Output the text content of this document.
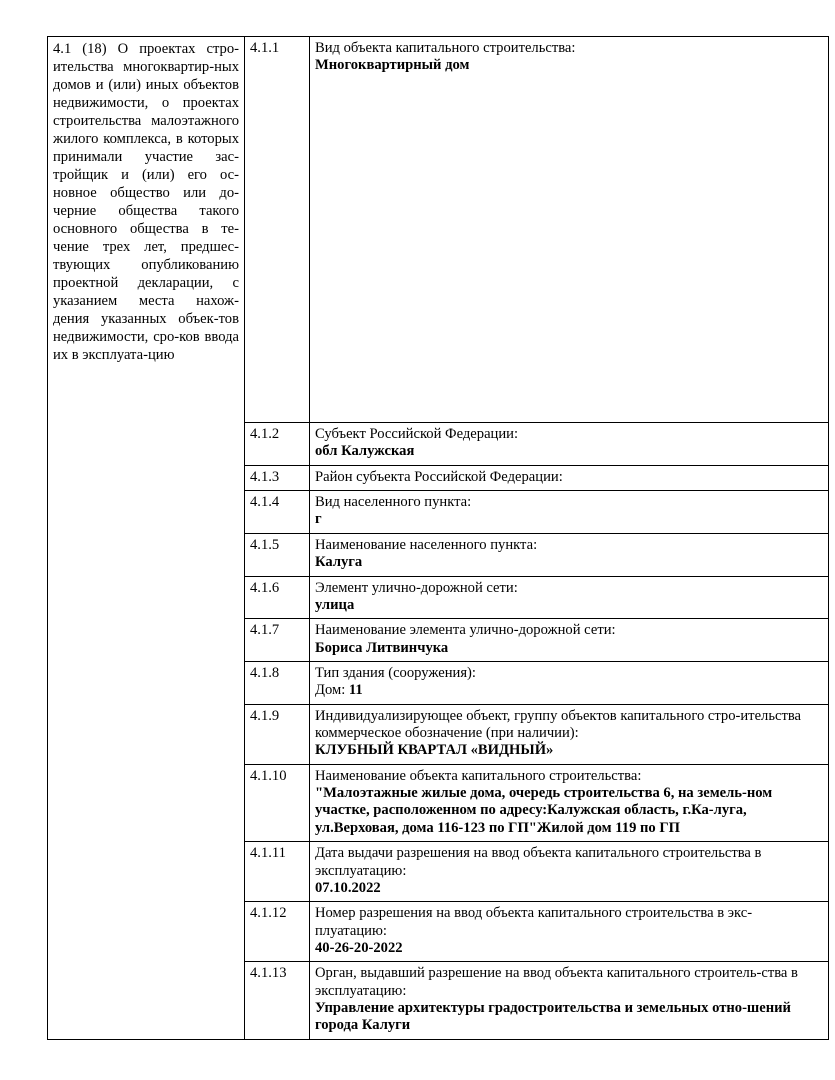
4.1 (18) О проектах стро-ительства многоквартир-ных домов и (или) иных объектов недвижимости, о проектах строительства малоэтажного жилого комплекса, в которых принимали участие зас-тройщик и (или) его ос-новное общество или до-черние общества такого основного общества в те-чение трех лет, предшес-твующих опубликованию проектной декларации, с указанием места нахож-дения указанных объек-тов недвижимости, сро-ков ввода их в эксплуата-цию	4.1.1	Вид объекта капитального строительства:
Многоквартирный дом

	4.1.2	Субъект Российской Федерации:
обл Калужская

	4.1.3	Район субъекта Российской Федерации:

	4.1.4	Вид населенного пункта:
г

	4.1.5	Наименование населенного пункта:
Калуга

	4.1.6	Элемент улично-дорожной сети:
улица

	4.1.7	Наименование элемента улично-дорожной сети:
Бориса Литвинчука

	4.1.8	Тип здания (сооружения):
Дом: 11

	4.1.9	Индивидуализирующее объект, группу объектов капитального стро-ительства коммерческое обозначение (при наличии):
КЛУБНЫЙ КВАРТАЛ «ВИДНЫЙ»

	4.1.10	Наименование объекта капитального строительства:
"Малоэтажные жилые дома, очередь строительства 6, на земель-ном участке, расположенном по адресу:Калужская область, г.Ка-луга, ул.Верховая, дома 116-123 по ГП"Жилой дом 119 по ГП

	4.1.11	Дата выдачи разрешения на ввод объекта капитального строительства в эксплуатацию:
07.10.2022

	4.1.12	Номер разрешения на ввод объекта капитального строительства в экс-плуатацию:
40-26-20-2022

	4.1.13	Орган, выдавший разрешение на ввод объекта капитального строитель-ства в эксплуатацию:
Управление архитектуры градостроительства и земельных отно-шений города Калуги
